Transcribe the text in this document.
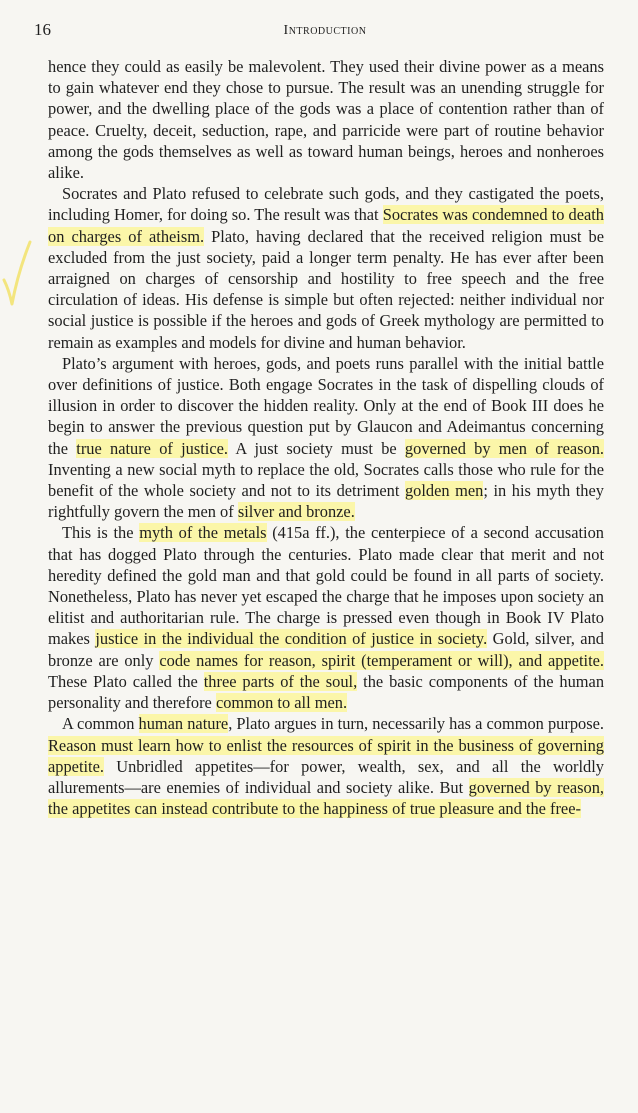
16	Introduction

hence they could as easily be malevolent. They used their divine power as a means to gain whatever end they chose to pursue. The result was an unending struggle for power, and the dwelling place of the gods was a place of contention rather than of peace. Cruelty, deceit, seduction, rape, and parricide were part of routine behavior among the gods themselves as well as toward human beings, heroes and nonheroes alike.

Socrates and Plato refused to celebrate such gods, and they castigated the poets, including Homer, for doing so. The result was that Socrates was condemned to death on charges of atheism. Plato, having declared that the received religion must be excluded from the just society, paid a longer term penalty. He has ever after been arraigned on charges of censorship and hostility to free speech and the free circulation of ideas. His defense is simple but often rejected: neither individual nor social justice is possible if the heroes and gods of Greek mythology are permitted to remain as examples and models for divine and human behavior.

Plato’s argument with heroes, gods, and poets runs parallel with the initial battle over definitions of justice. Both engage Socrates in the task of dispelling clouds of illusion in order to discover the hidden reality. Only at the end of Book III does he begin to answer the previous question put by Glaucon and Adeimantus concerning the true nature of justice. A just society must be governed by men of reason. Inventing a new social myth to replace the old, Socrates calls those who rule for the benefit of the whole society and not to its detriment golden men; in his myth they rightfully govern the men of silver and bronze.

This is the myth of the metals (415a ff.), the centerpiece of a second accusation that has dogged Plato through the centuries. Plato made clear that merit and not heredity defined the gold man and that gold could be found in all parts of society. Nonetheless, Plato has never yet escaped the charge that he imposes upon society an elitist and authoritarian rule. The charge is pressed even though in Book IV Plato makes justice in the individual the condition of justice in society. Gold, silver, and bronze are only code names for reason, spirit (temperament or will), and appetite. These Plato called the three parts of the soul, the basic components of the human personality and therefore common to all men.

A common human nature, Plato argues in turn, necessarily has a common purpose. Reason must learn how to enlist the resources of spirit in the business of governing appetite. Unbridled appetites—for power, wealth, sex, and all the worldly allurements—are enemies of individual and society alike. But governed by reason, the appetites can instead contribute to the happiness of true pleasure and the free-
